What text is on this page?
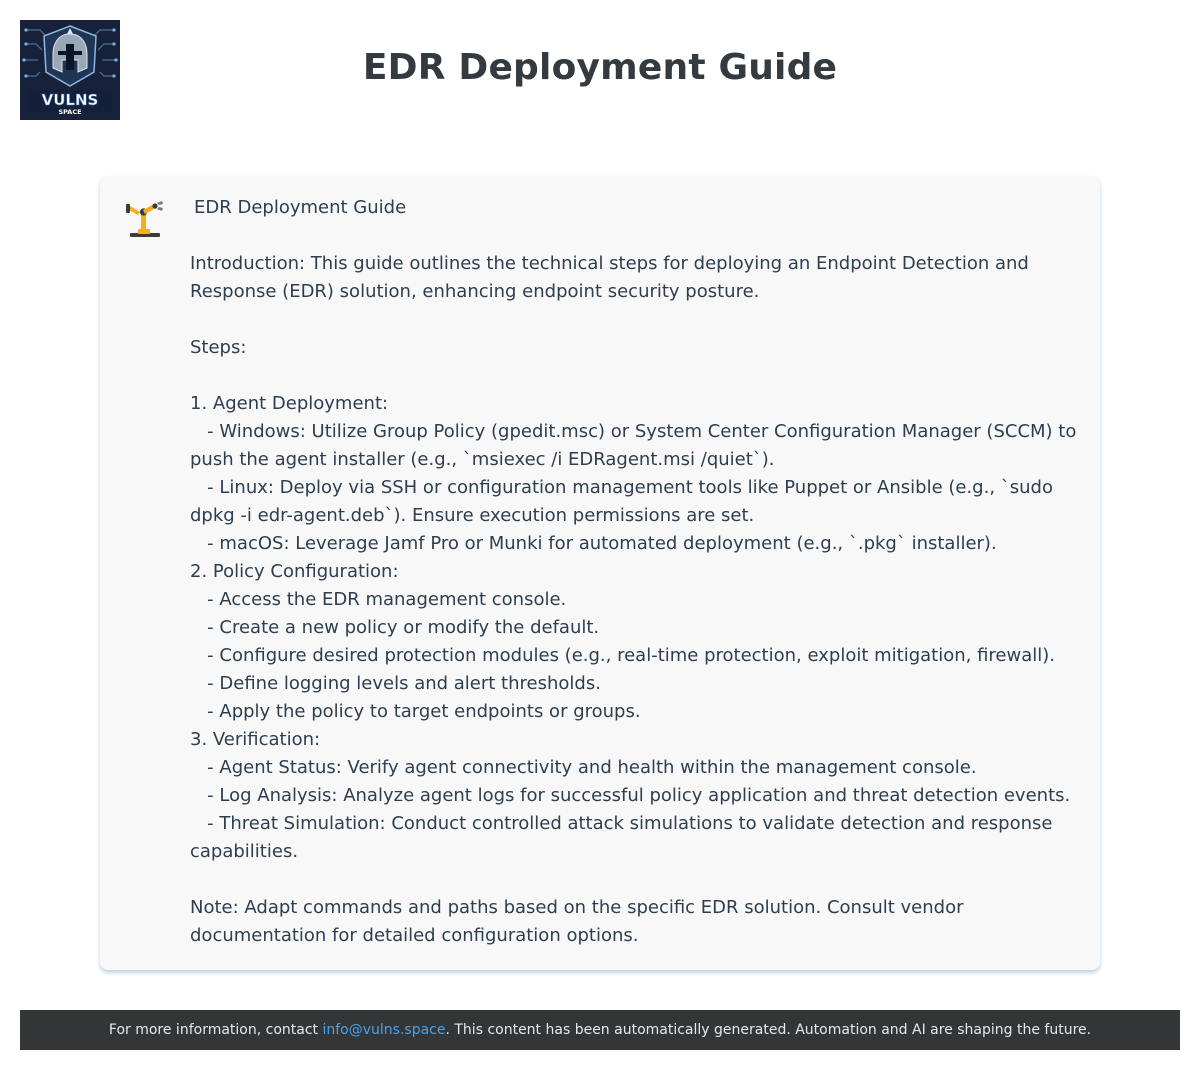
VULNS
SPACE
EDR Deployment Guide
EDR Deployment Guide
Introduction: This guide outlines the technical steps for deploying an Endpoint Detection and Response (EDR) solution, enhancing endpoint security posture.

Steps:

1. Agent Deployment:
- Windows: Utilize Group Policy (gpedit.msc) or System Center Configuration Manager (SCCM) to push the agent installer (e.g., `msiexec /i EDRagent.msi /quiet`).
- Linux: Deploy via SSH or configuration management tools like Puppet or Ansible (e.g., `sudo dpkg -i edr-agent.deb`). Ensure execution permissions are set.
- macOS: Leverage Jamf Pro or Munki for automated deployment (e.g., `.pkg` installer).
2. Policy Configuration:
- Access the EDR management console.
- Create a new policy or modify the default.
- Configure desired protection modules (e.g., real-time protection, exploit mitigation, firewall).
- Define logging levels and alert thresholds.
- Apply the policy to target endpoints or groups.
3. Verification:
- Agent Status: Verify agent connectivity and health within the management console.
- Log Analysis: Analyze agent logs for successful policy application and threat detection events.
- Threat Simulation: Conduct controlled attack simulations to validate detection and response capabilities.

Note: Adapt commands and paths based on the specific EDR solution. Consult vendor documentation for detailed configuration options.
For more information, contact info@vulns.space. This content has been automatically generated. Automation and AI are shaping the future.
